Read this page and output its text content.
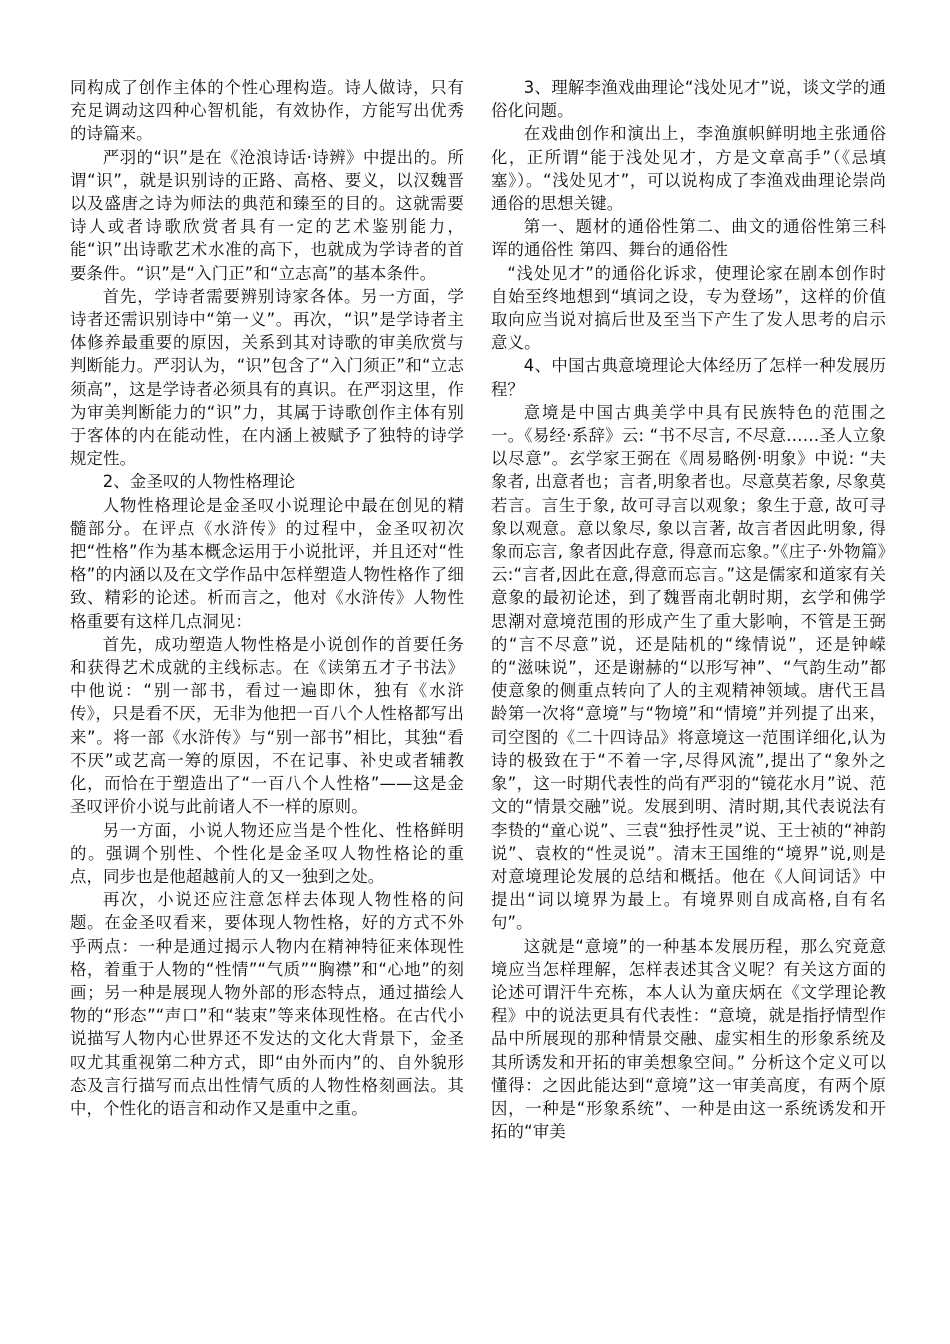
同构成了创作主体的个性心理构造。诗人做诗，只有充足调动这四种心智机能，有效协作，方能写出优秀的诗篇来。

严羽的“识”是在《沧浪诗话·诗辨》中提出的。所谓“识”，就是识别诗的正路、高格、要义，以汉魏晋以及盛唐之诗为师法的典范和臻至的目的。这就需要诗人或者诗歌欣赏者具有一定的艺术鉴别能力，能“识”出诗歌艺术水准的高下，也就成为学诗者的首要条件。“识”是“入门正”和“立志高”的基本条件。

首先，学诗者需要辨别诗家各体。另一方面，学诗者还需识别诗中“第一义”。再次，“识”是学诗者主体修养最重要的原因，关系到其对诗歌的审美欣赏与判断能力。严羽认为，“识”包含了“入门须正”和“立志须高”，这是学诗者必须具有的真识。在严羽这里，作为审美判断能力的“识”力，其属于诗歌创作主体有别于客体的内在能动性，在内涵上被赋予了独特的诗学规定性。

2、金圣叹的人物性格理论

人物性格理论是金圣叹小说理论中最在创见的精髓部分。在评点《水浒传》的过程中，金圣叹初次把“性格”作为基本概念运用于小说批评，并且还对“性格”的内涵以及在文学作品中怎样塑造人物性格作了细致、精彩的论述。析而言之，他对《水浒传》人物性格重要有这样几点洞见：

首先，成功塑造人物性格是小说创作的首要任务和获得艺术成就的主线标志。在《读第五才子书法》中他说：“别一部书，看过一遍即休，独有《水浒传》，只是看不厌，无非为他把一百八个人性格都写出来”。将一部《水浒传》与“别一部书”相比，其独“看不厌”或艺高一筹的原因，不在记事、补史或者辅教化，而恰在于塑造出了“一百八个人性格”——这是金圣叹评价小说与此前诸人不一样的原则。

另一方面，小说人物还应当是个性化、性格鲜明的。强调个别性、个性化是金圣叹人物性格论的重点，同步也是他超越前人的又一独到之处。

再次，小说还应注意怎样去体现人物性格的问题。在金圣叹看来，要体现人物性格，好的方式不外乎两点：一种是通过揭示人物内在精神特征来体现性格，着重于人物的“性情”“气质”“胸襟”和“心地”的刻画；另一种是展现人物外部的形态特点，通过描绘人物的“形态”“声口”和“装束”等来体现性格。在古代小说描写人物内心世界还不发达的文化大背景下，金圣叹尤其重视第二种方式，即“由外而内”的、自外貌形态及言行描写而点出性情气质的人物性格刻画法。其中，个性化的语言和动作又是重中之重。

3、理解李渔戏曲理论“浅处见才”说，谈文学的通俗化问题。

在戏曲创作和演出上，李渔旗帜鲜明地主张通俗化，正所谓“能于浅处见才，方是文章高手”（《忌填塞》）。“浅处见才”，可以说构成了李渔戏曲理论崇尚通俗的思想关键。

第一、题材的通俗性第二、曲文的通俗性第三科诨的通俗性 第四、舞台的通俗性

“浅处见才”的通俗化诉求，使理论家在剧本创作时自始至终地想到“填词之设，专为登场”，这样的价值取向应当说对搞后世及至当下产生了发人思考的启示意义。

4、中国古典意境理论大体经历了怎样一种发展历程？

意境是中国古典美学中具有民族特色的范围之一。《易经·系辞》云: “书不尽言, 不尽意……圣人立象以尽意”。玄学家王弼在《周易略例·明象》中说: “夫象者, 出意者也；言者,明象者也。尽意莫若象, 尽象莫若言。言生于象, 故可寻言以观象；象生于意, 故可寻象以观意。意以象尽, 象以言著, 故言者因此明象, 得象而忘言, 象者因此存意, 得意而忘象。”《庄子·外物篇》云:“言者,因此在意,得意而忘言。”这是儒家和道家有关意象的最初论述，到了魏晋南北朝时期，玄学和佛学思潮对意境范围的形成产生了重大影响，不管是王弼的“言不尽意”说，还是陆机的“缘情说”，还是钟嵘的“滋味说”，还是谢赫的“以形写神”、“气韵生动”都使意象的侧重点转向了人的主观精神领域。唐代王昌龄第一次将“意境”与“物境”和“情境”并列提了出来，司空图的《二十四诗品》将意境这一范围详细化,认为诗的极致在于“不着一字,尽得风流”,提出了“象外之象”，这一时期代表性的尚有严羽的“镜花水月”说、范文的“情景交融”说。发展到明、清时期,其代表说法有李贽的“童心说”、三袁“独抒性灵”说、王士祯的“神韵说”、袁枚的“性灵说”。清末王国维的“境界”说,则是对意境理论发展的总结和概括。他在《人间词话》中提出“词以境界为最上。有境界则自成高格,自有名句”。

这就是“意境”的一种基本发展历程，那么究竟意境应当怎样理解，怎样表述其含义呢？有关这方面的论述可谓汗牛充栋，本人认为童庆炳在《文学理论教程》中的说法更具有代表性：“意境，就是指抒情型作品中所展现的那种情景交融、虚实相生的形象系统及其所诱发和开拓的审美想象空间。” 分析这个定义可以懂得：之因此能达到“意境”这一审美高度，有两个原因，一种是“形象系统”、一种是由这一系统诱发和开拓的“审美
